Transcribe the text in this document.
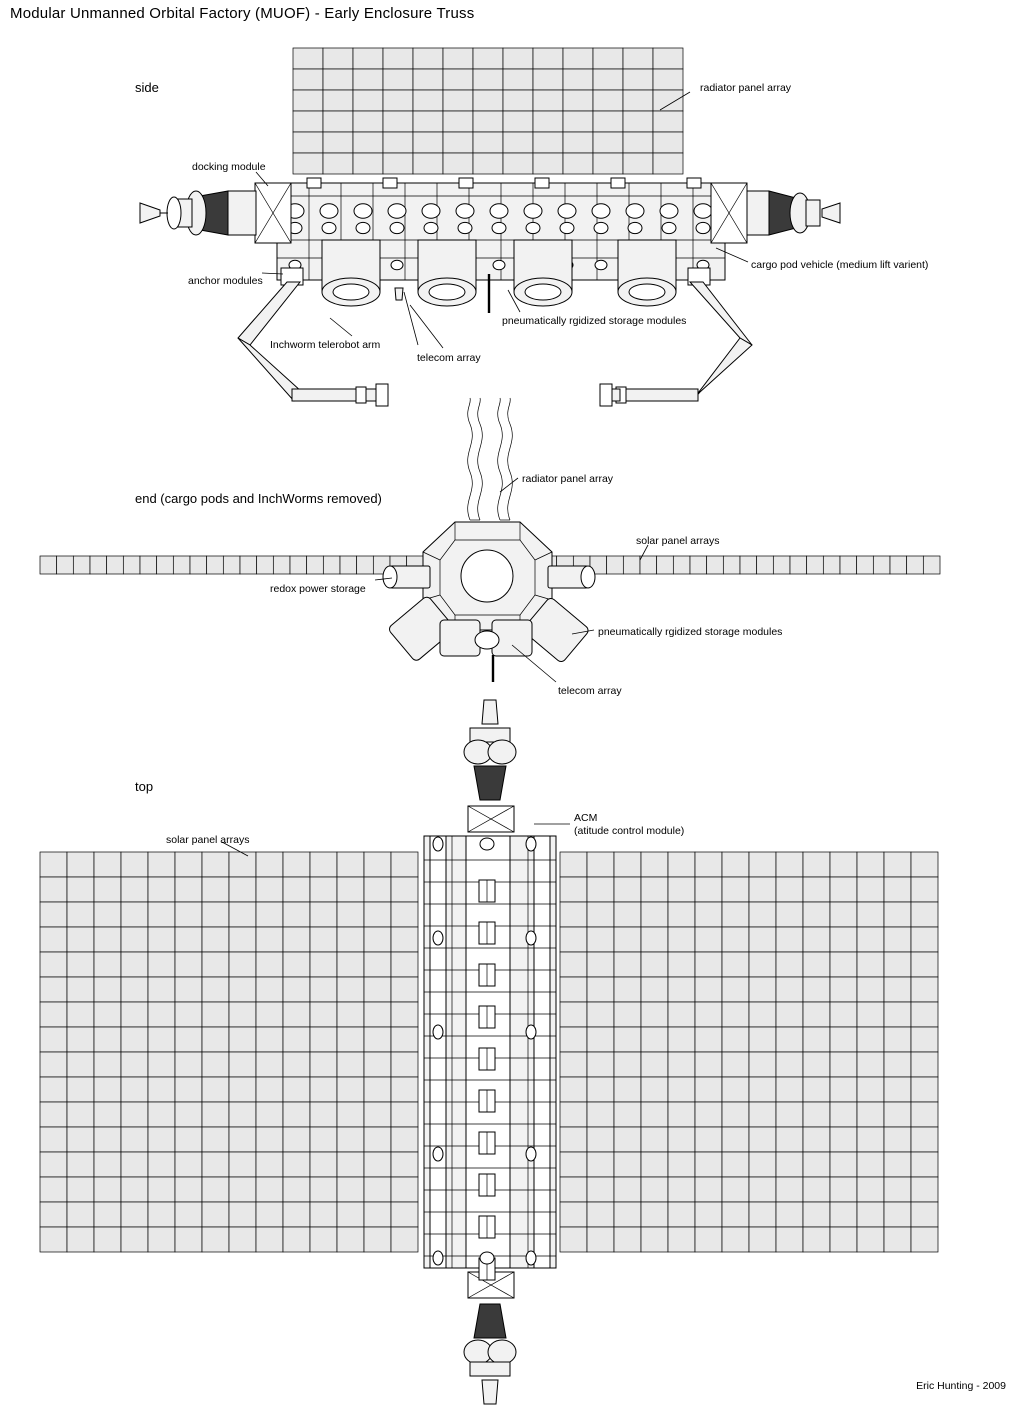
Modular Unmanned Orbital Factory (MUOF) - Early Enclosure Truss
Eric Hunting - 2009
side
end (cargo pods and InchWorms removed)
top
radiator panel array
docking module
anchor modules
cargo pod vehicle (medium lift varient)
pneumatically rgidized storage modules
Inchworm telerobot arm
telecom array
radiator panel array
solar panel arrays
redox power storage
pneumatically rgidized storage modules
telecom array
ACM
(atitude control module)
solar panel arrays
